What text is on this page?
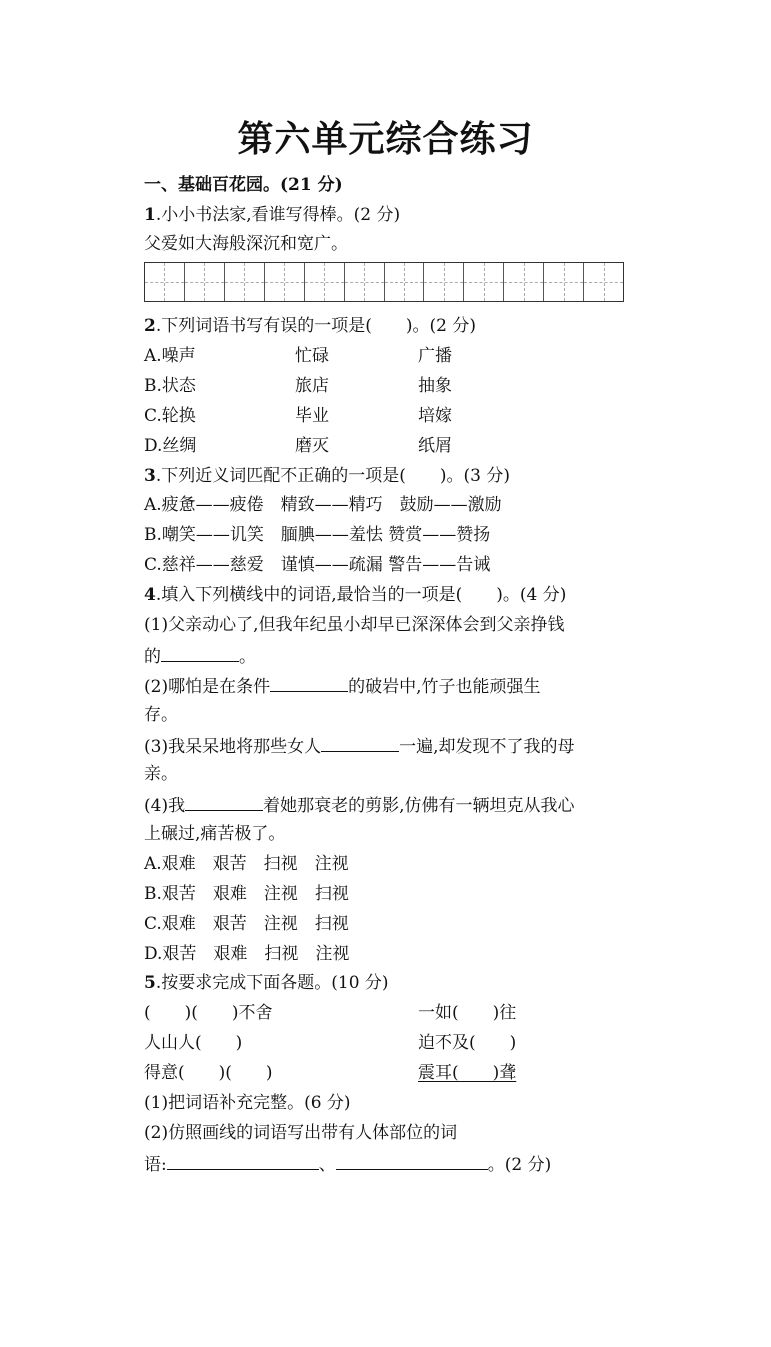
第六单元综合练习
一、基础百花园。(21 分)
1.小小书法家,看谁写得棒。(2 分)
父爱如大海般深沉和宽广。
2.下列词语书写有误的一项是(　　)。(2 分)
A.噪声	忙碌	广播
B.状态	旅店	抽象
C.轮换	毕业	培嫁
D.丝绸	磨灭	纸屑
3.下列近义词匹配不正确的一项是(　　)。(3 分)
A.疲惫——疲倦　精致——精巧　鼓励——激励
B.嘲笑——讥笑　腼腆——羞怯 赞赏——赞扬
C.慈祥——慈爱　谨慎——疏漏 警告——告诫
4.填入下列横线中的词语,最恰当的一项是(　　)。(4 分)
(1)父亲动心了,但我年纪虽小却早已深深体会到父亲挣钱
的	。
(2)哪怕是在条件	的破岩中,竹子也能顽强生
存。
(3)我呆呆地将那些女人	一遍,却发现不了我的母
亲。
(4)我	着她那衰老的剪影,仿佛有一辆坦克从我心
上碾过,痛苦极了。
A.艰难　艰苦　扫视　注视
B.艰苦　艰难　注视　扫视
C.艰难　艰苦　注视　扫视
D.艰苦　艰难　扫视　注视
5.按要求完成下面各题。(10 分)
(　　)(　　)不舍	一如(　　)往
人山人(　　)	迫不及(　　)
得意(　　)(　　)	震耳(　　)聋
(1)把词语补充完整。(6 分)
(2)仿照画线的词语写出带有人体部位的词
语:	、	。(2 分)
